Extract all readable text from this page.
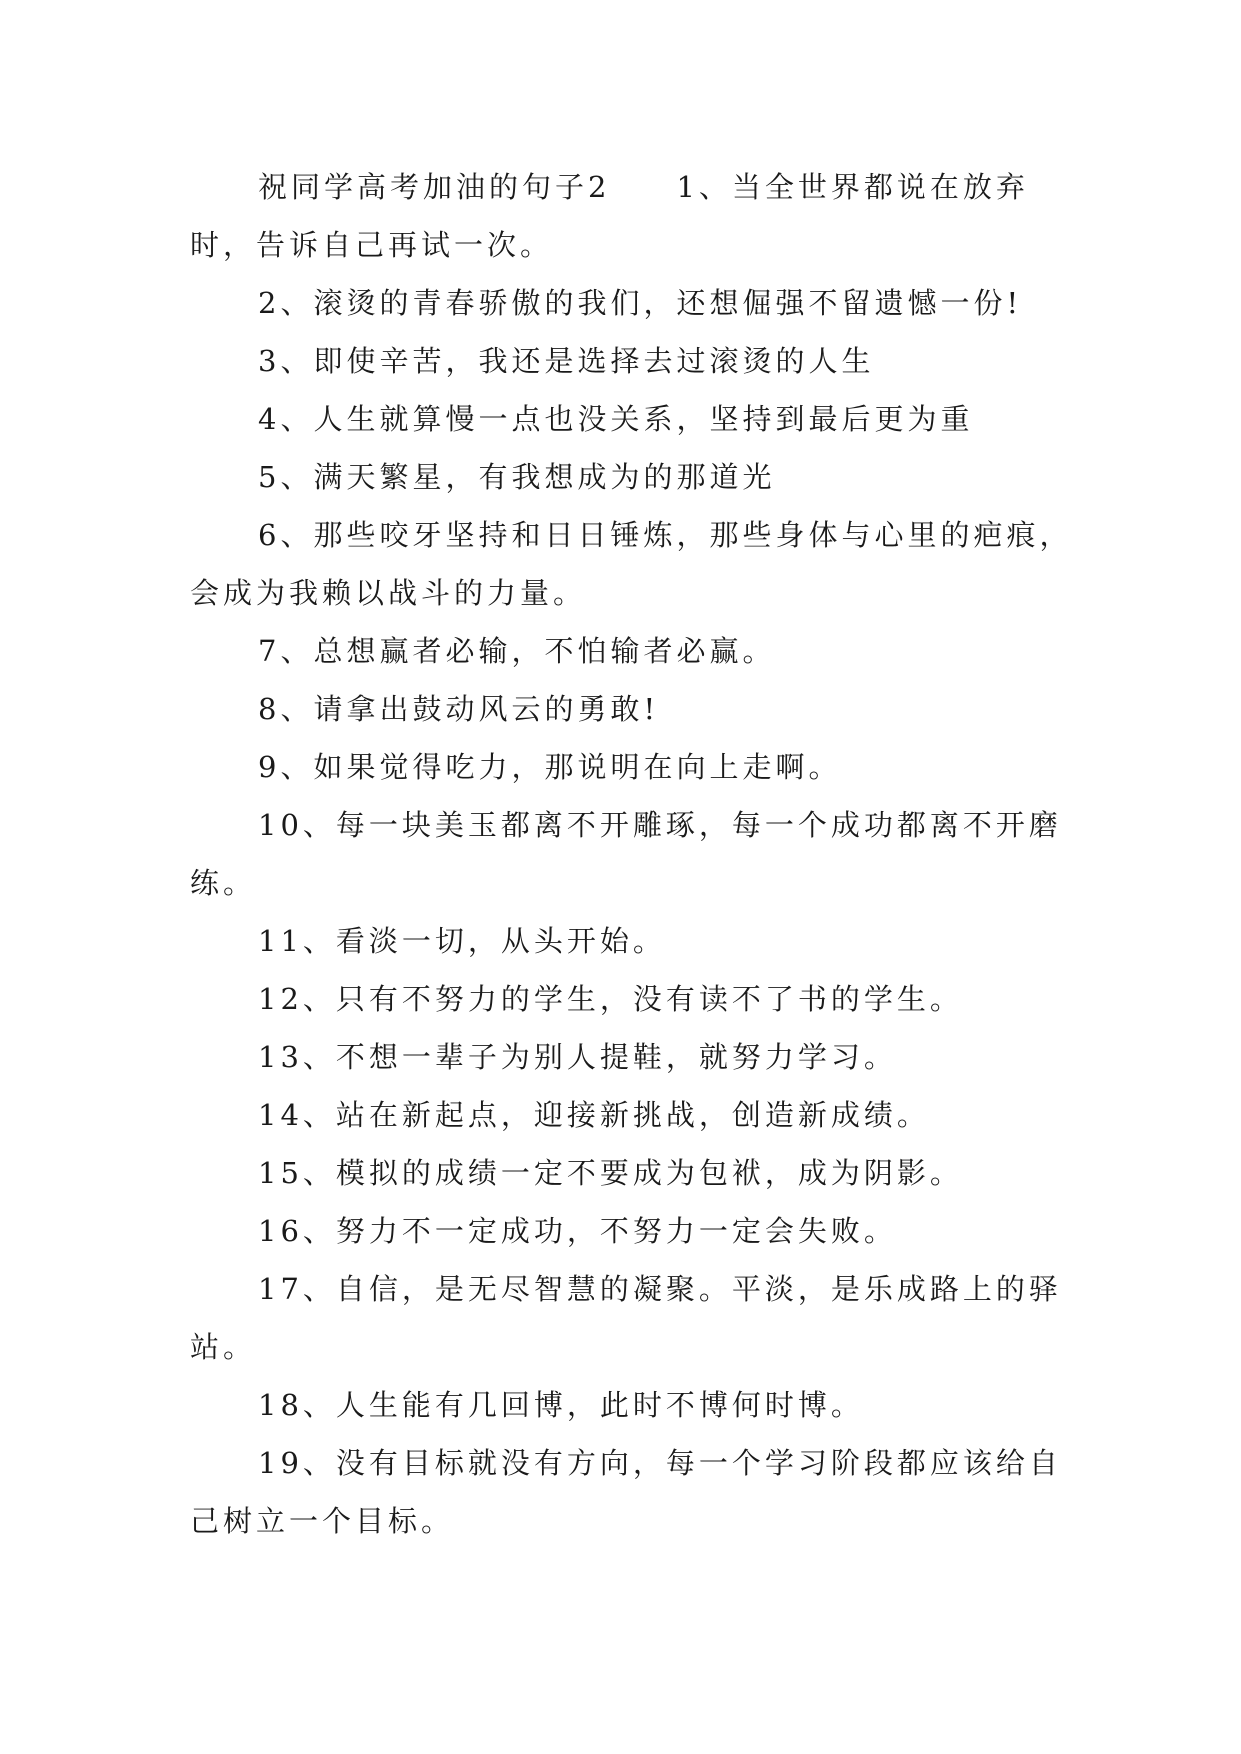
祝同学高考加油的句子2 1、当全世界都说在放弃时，告诉自己再试一次。

2、滚烫的青春骄傲的我们，还想倔强不留遗憾一份!

3、即使辛苦，我还是选择去过滚烫的人生

4、人生就算慢一点也没关系，坚持到最后更为重

5、满天繁星，有我想成为的那道光

6、那些咬牙坚持和日日锤炼，那些身体与心里的疤痕，会成为我赖以战斗的力量。

7、总想赢者必输，不怕输者必赢。

8、请拿出鼓动风云的勇敢!

9、如果觉得吃力，那说明在向上走啊。

10、每一块美玉都离不开雕琢，每一个成功都离不开磨练。

11、看淡一切，从头开始。

12、只有不努力的学生，没有读不了书的学生。

13、不想一辈子为别人提鞋，就努力学习。

14、站在新起点，迎接新挑战，创造新成绩。

15、模拟的成绩一定不要成为包袱，成为阴影。

16、努力不一定成功，不努力一定会失败。

17、自信，是无尽智慧的凝聚。平淡，是乐成路上的驿站。

18、人生能有几回博，此时不博何时博。

19、没有目标就没有方向，每一个学习阶段都应该给自己树立一个目标。
